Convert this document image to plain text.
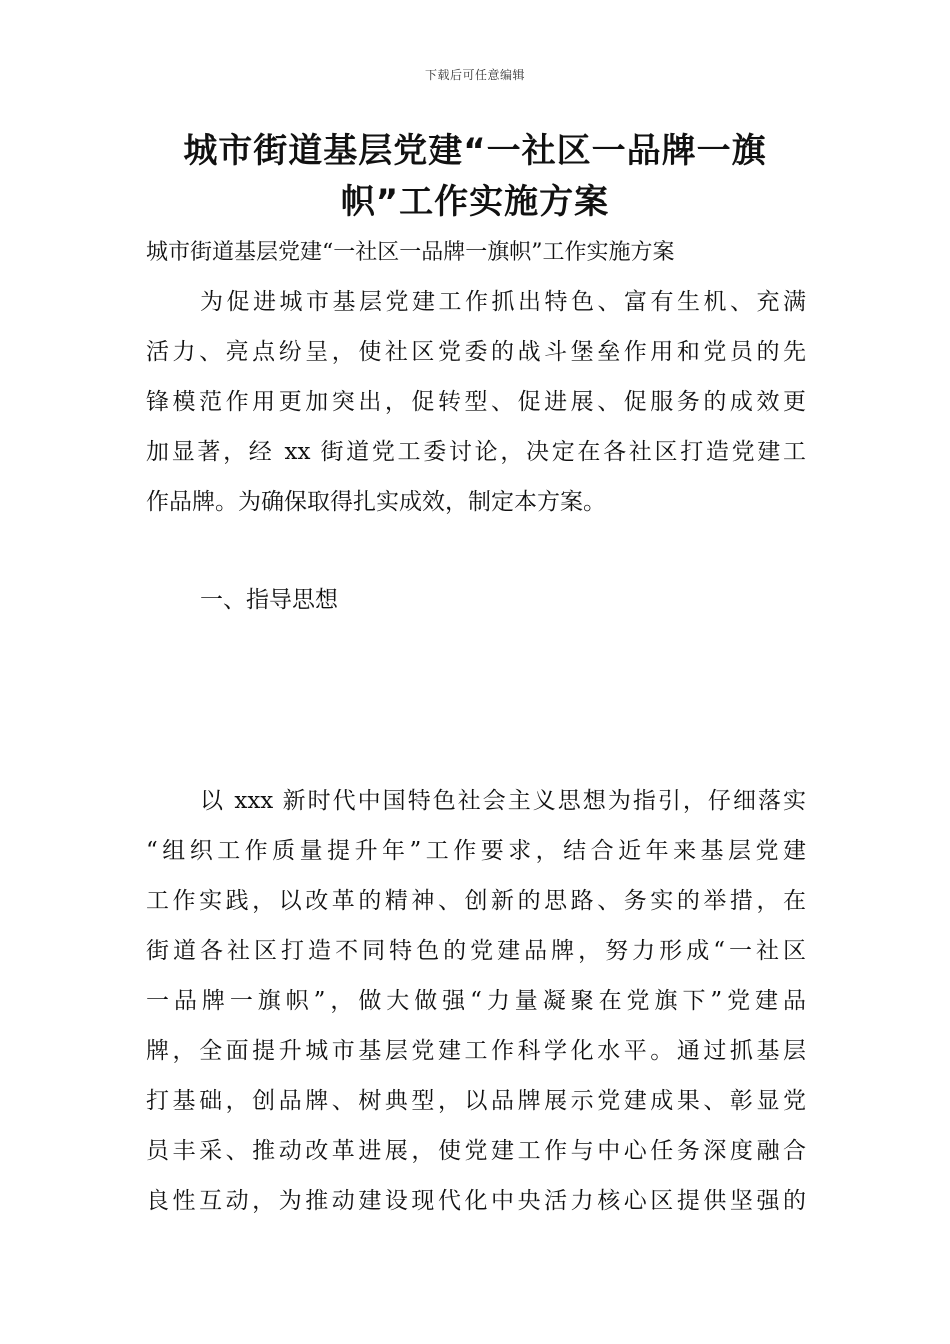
下载后可任意编辑
城市街道基层党建“一社区一品牌一旗
帜”工作实施方案
城市街道基层党建“一社区一品牌一旗帜”工作实施方案
为促进城市基层党建工作抓出特色、富有生机、充满
活力、亮点纷呈，使社区党委的战斗堡垒作用和党员的先
锋模范作用更加突出，促转型、促进展、促服务的成效更
加显著，经 xx 街道党工委讨论，决定在各社区打造党建工
作品牌。为确保取得扎实成效，制定本方案。
一、指导思想
以 xxx 新时代中国特色社会主义思想为指引，仔细落实
“组织工作质量提升年”工作要求，结合近年来基层党建
工作实践，以改革的精神、创新的思路、务实的举措，在
街道各社区打造不同特色的党建品牌，努力形成“一社区
一品牌一旗帜”，做大做强“力量凝聚在党旗下”党建品
牌，全面提升城市基层党建工作科学化水平。通过抓基层
打基础，创品牌、树典型，以品牌展示党建成果、彰显党
员丰采、推动改革进展，使党建工作与中心任务深度融合
良性互动，为推动建设现代化中央活力核心区提供坚强的
